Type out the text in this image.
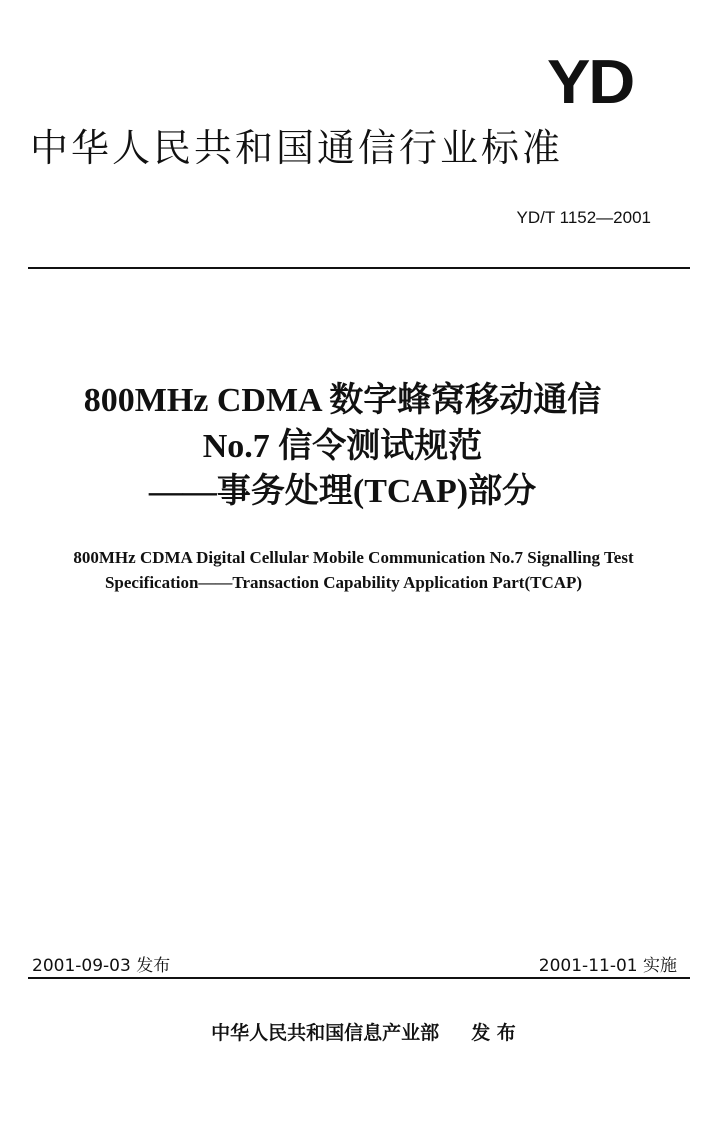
YD
中华人民共和国通信行业标准
YD/T 1152—2001
800MHz CDMA 数字蜂窝移动通信
No.7 信令测试规范
——事务处理(TCAP)部分
800MHz CDMA Digital Cellular Mobile Communication No.7 Signalling Test
Specification——Transaction Capability Application Part(TCAP)
2001-09-03 发布	2001-11-01 实施
中华人民共和国信息产业部 发 布
